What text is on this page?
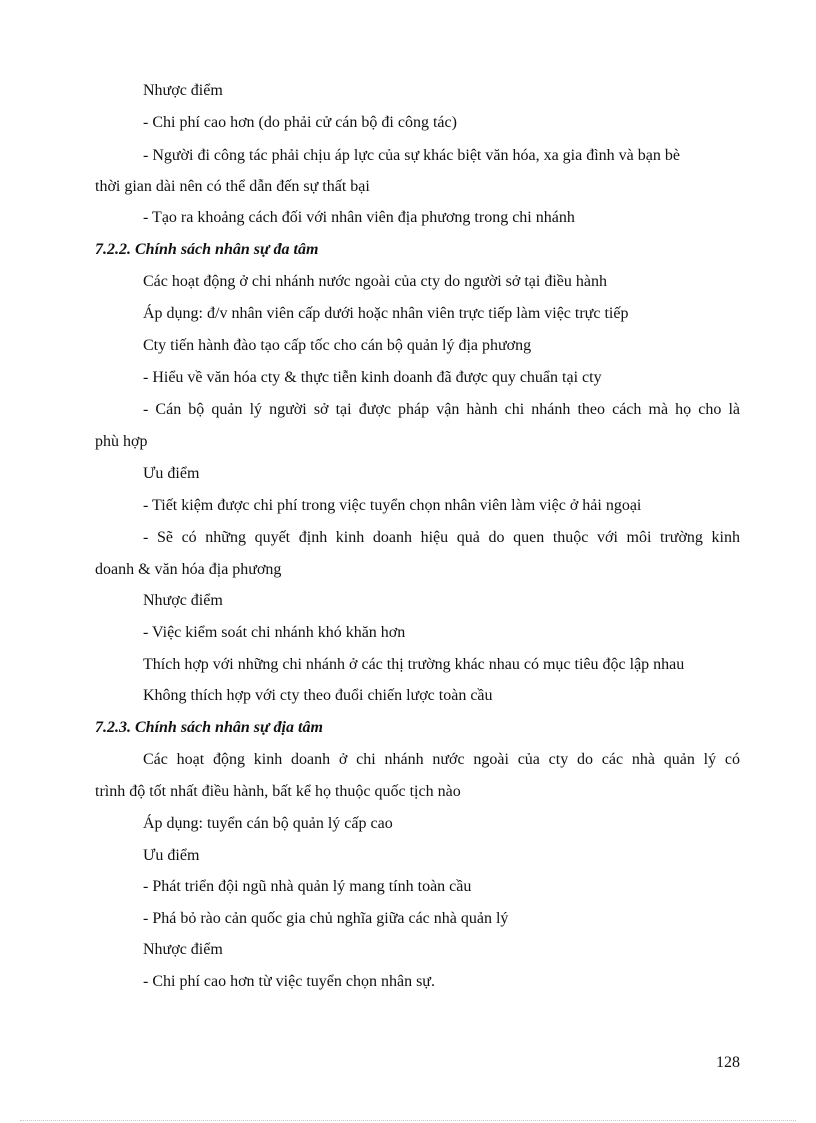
Nhược điểm
- Chi phí cao hơn (do phải cử cán bộ đi công tác)
- Người đi công tác phải chịu áp lực của sự khác biệt văn hóa, xa gia đình và bạn bè
thời gian dài nên có thể dẫn đến sự thất bại
- Tạo ra khoảng cách đối với nhân viên địa phương trong chi nhánh
7.2.2. Chính sách nhân sự đa tâm
Các hoạt động ở chi nhánh nước ngoài của cty do người sở tại điều hành
Áp dụng: đ/v nhân viên cấp dưới hoặc nhân viên trực tiếp làm việc trực tiếp
Cty tiến hành đào tạo cấp tốc cho cán bộ quản lý địa phương
- Hiểu về văn hóa cty & thực tiễn kinh doanh đã được quy chuẩn tại cty
- Cán bộ quản lý người sở tại được pháp vận hành chi nhánh theo cách mà họ cho là
phù hợp
Ưu điểm
- Tiết kiệm được chi phí trong việc tuyển chọn nhân viên làm việc ở hải ngoại
- Sẽ có những quyết định kinh doanh hiệu quả do quen thuộc với môi trường kinh
doanh & văn hóa địa phương
Nhược điểm
- Việc kiểm soát chi nhánh khó khăn hơn
Thích hợp với những chi nhánh ở các thị trường khác nhau có mục tiêu độc lập nhau
Không thích hợp với cty theo đuổi chiến lược toàn cầu
7.2.3. Chính sách nhân sự địa tâm
Các hoạt động kinh doanh ở chi nhánh nước ngoài của cty do các nhà quản lý có
trình độ tốt nhất điều hành, bất kể họ thuộc quốc tịch nào
Áp dụng: tuyển cán bộ quản lý cấp cao
Ưu điểm
- Phát triển đội ngũ nhà quản lý mang tính toàn cầu
- Phá bỏ rào cản quốc gia chủ nghĩa giữa các nhà quản lý
Nhược điểm
- Chi phí cao hơn từ việc tuyển chọn nhân sự.
128
